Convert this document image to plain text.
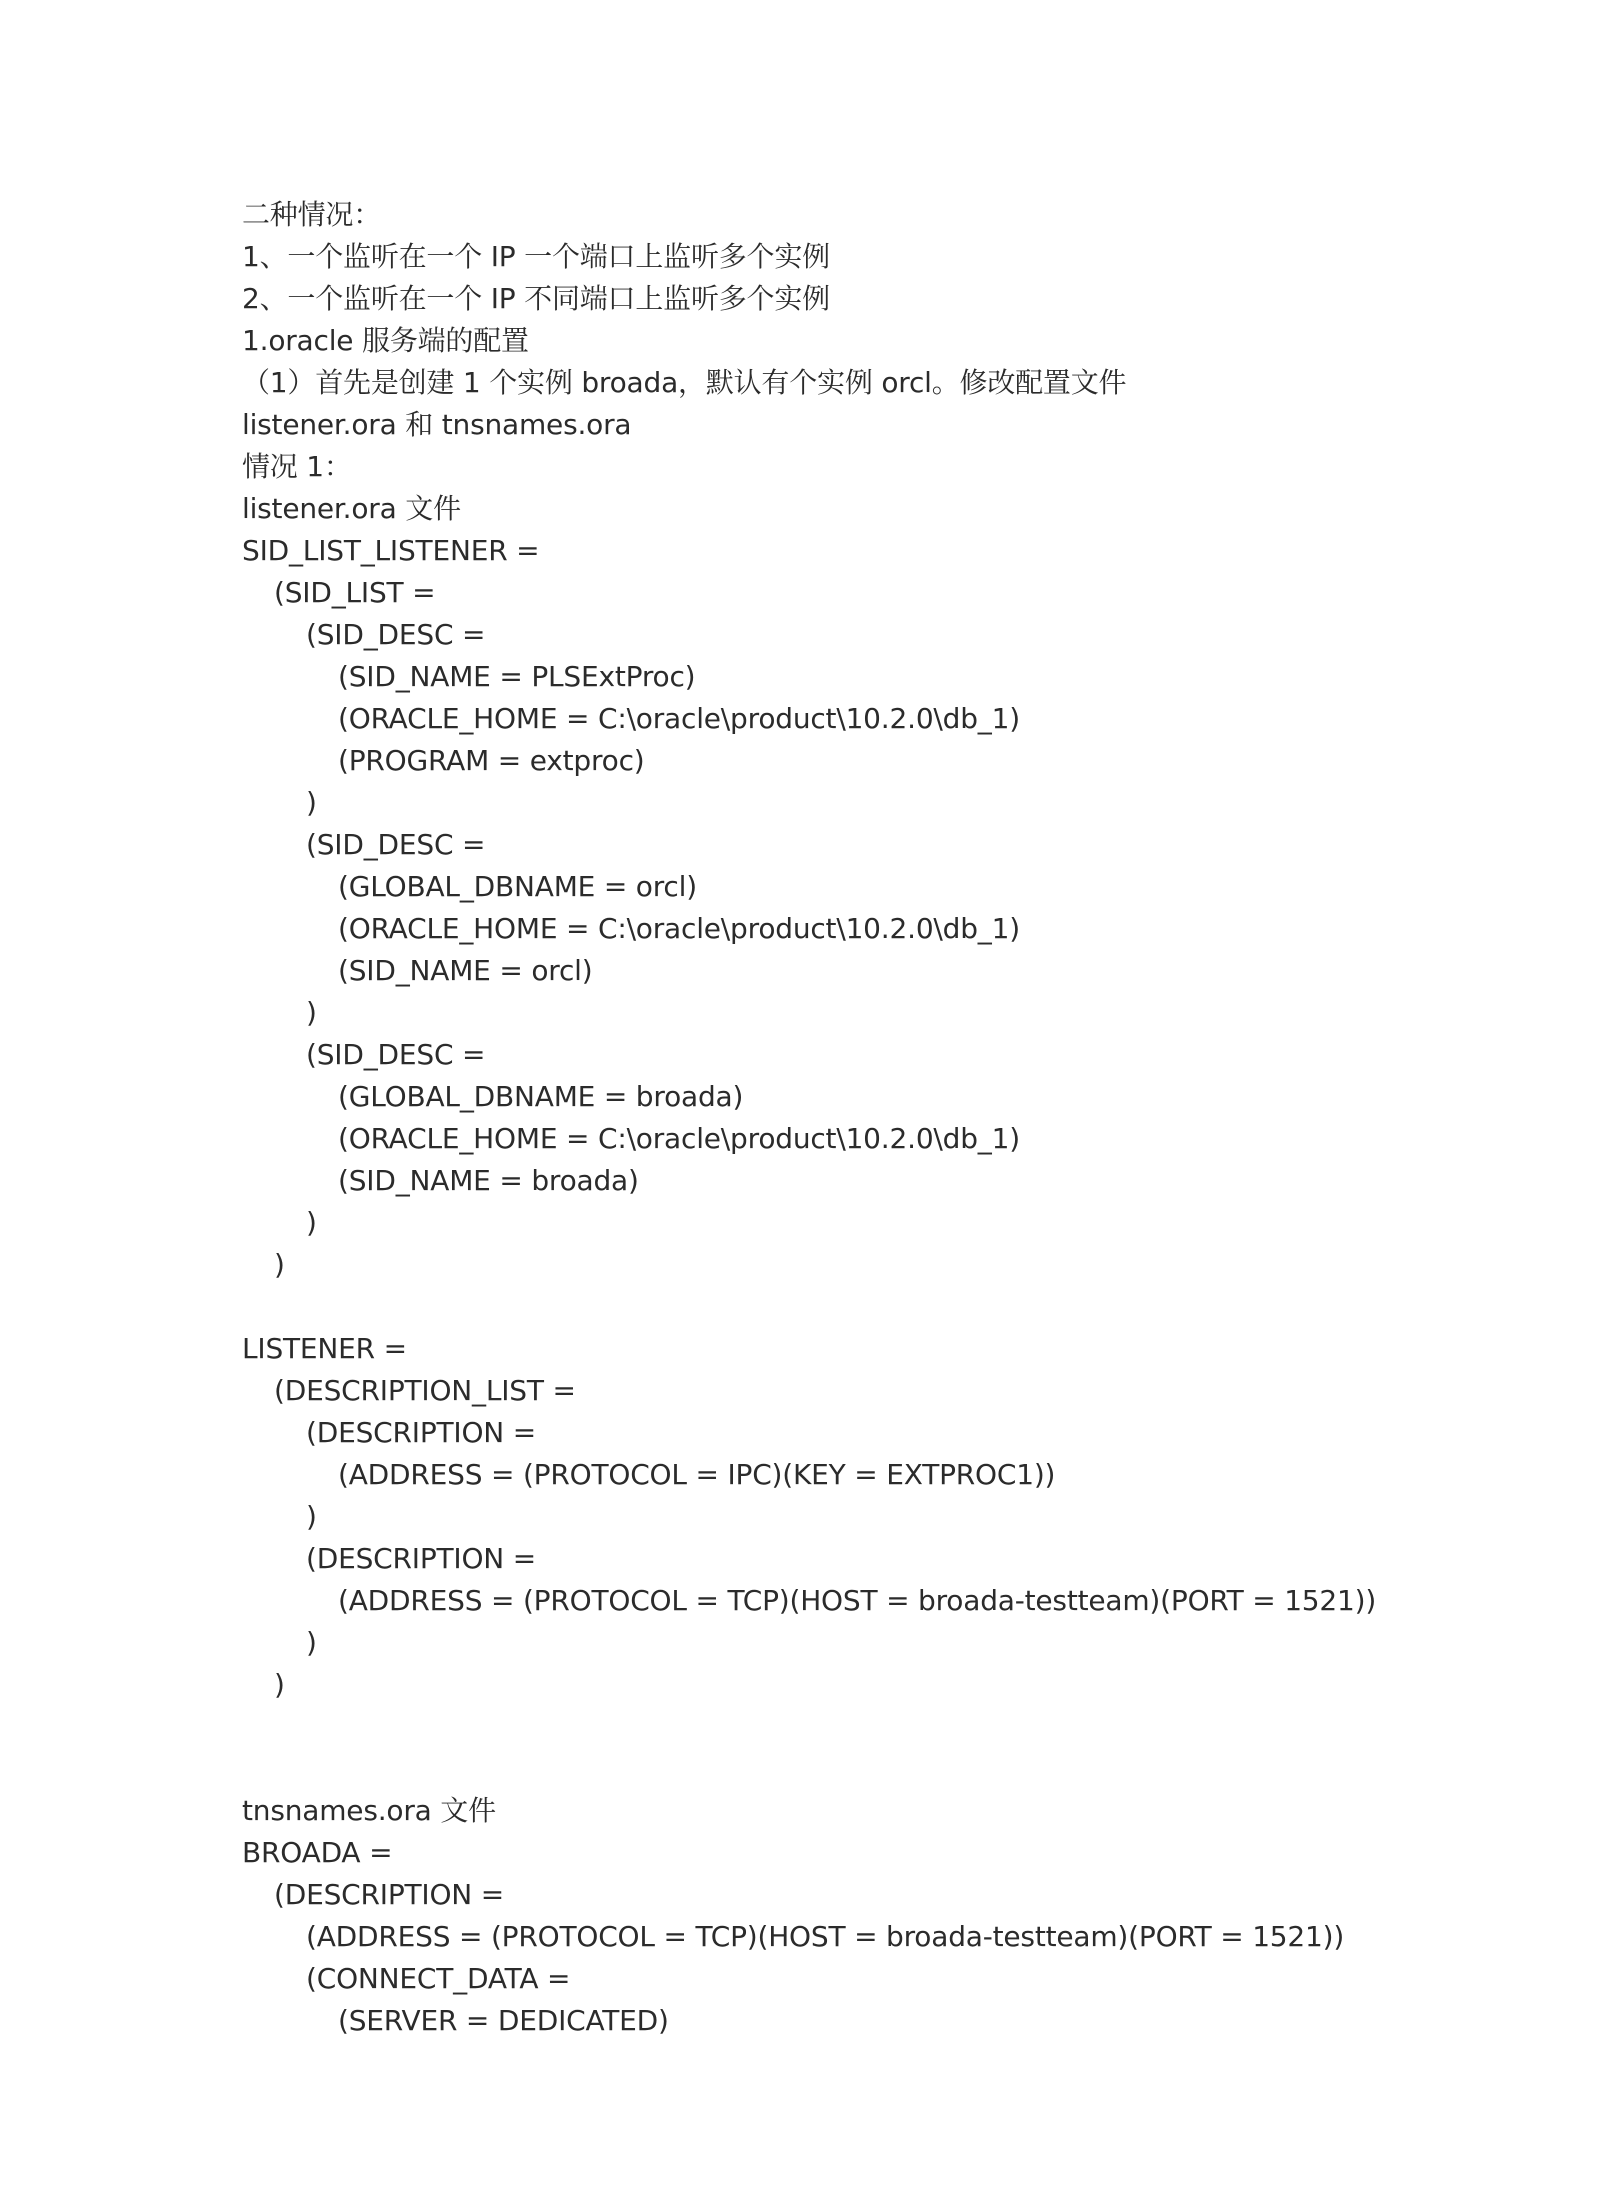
二种情况：
1、一个监听在一个 IP 一个端口上监听多个实例
2、一个监听在一个 IP 不同端口上监听多个实例
1.oracle 服务端的配置
（1）首先是创建 1 个实例 broada，默认有个实例 orcl。修改配置文件
listener.ora 和 tnsnames.ora
情况 1：
listener.ora 文件
SID_LIST_LISTENER =
(SID_LIST =
(SID_DESC =
(SID_NAME = PLSExtProc)
(ORACLE_HOME = C:\oracle\product\10.2.0\db_1)
(PROGRAM = extproc)
)
(SID_DESC =
(GLOBAL_DBNAME = orcl)
(ORACLE_HOME = C:\oracle\product\10.2.0\db_1)
(SID_NAME = orcl)
)
(SID_DESC =
(GLOBAL_DBNAME = broada)
(ORACLE_HOME = C:\oracle\product\10.2.0\db_1)
(SID_NAME = broada)
)
)
LISTENER =
(DESCRIPTION_LIST =
(DESCRIPTION =
(ADDRESS = (PROTOCOL = IPC)(KEY = EXTPROC1))
)
(DESCRIPTION =
(ADDRESS = (PROTOCOL = TCP)(HOST = broada-testteam)(PORT = 1521))
)
)
tnsnames.ora 文件
BROADA =
(DESCRIPTION =
(ADDRESS = (PROTOCOL = TCP)(HOST = broada-testteam)(PORT = 1521))
(CONNECT_DATA =
(SERVER = DEDICATED)
